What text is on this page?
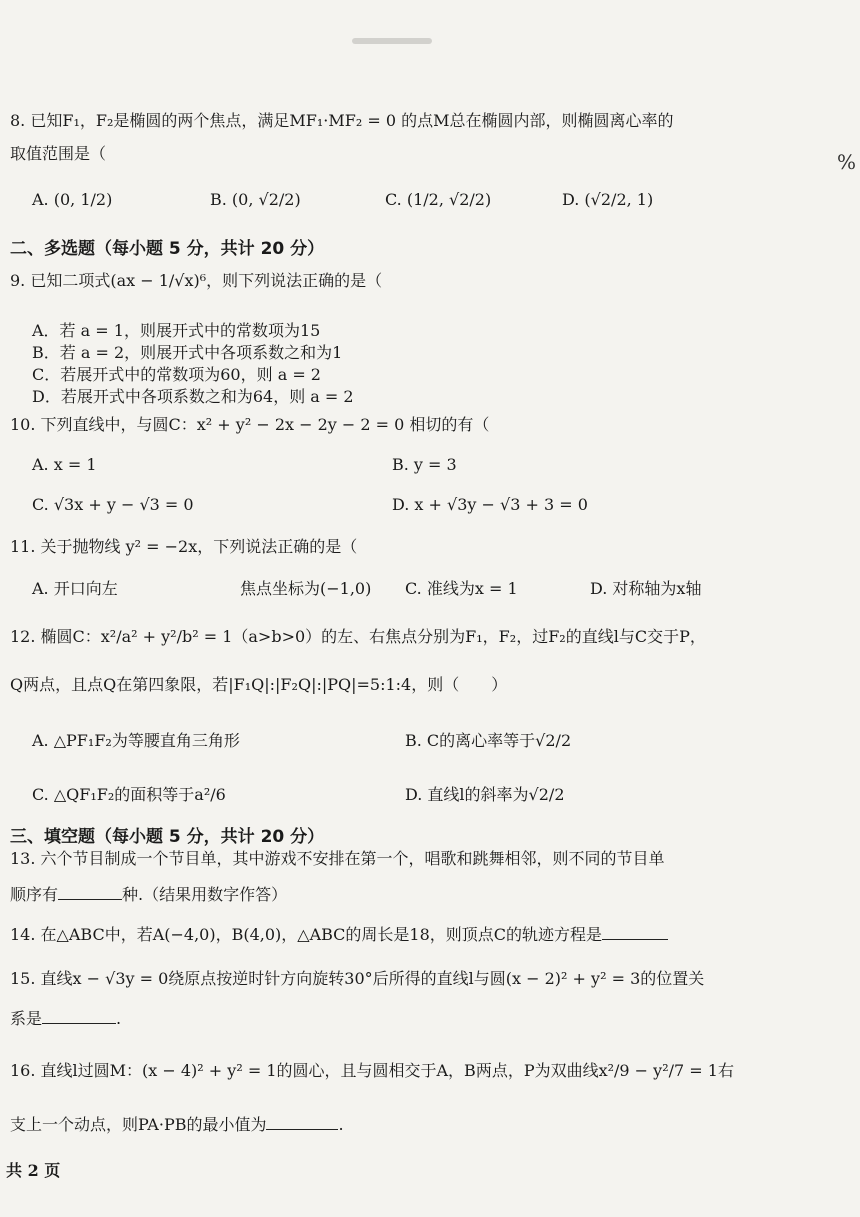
%
8. 已知F₁，F₂是椭圆的两个焦点，满足MF₁·MF₂ = 0 的点M总在椭圆内部，则椭圆离心率的
取值范围是（
A. (0, 1/2)	B. (0, √2/2)	C. (1/2, √2/2)	D. (√2/2, 1)
二、多选题（每小题 5 分，共计 20 分）
9. 已知二项式(ax − 1/√x)⁶，则下列说法正确的是（
A．若 a = 1，则展开式中的常数项为15
B．若 a = 2，则展开式中各项系数之和为1
C．若展开式中的常数项为60，则 a = 2
D．若展开式中各项系数之和为64，则 a = 2
10. 下列直线中，与圆C：x² + y² − 2x − 2y − 2 = 0 相切的有（
A. x = 1	B. y = 3
C. √3x + y − √3 = 0	D. x + √3y − √3 + 3 = 0
11. 关于抛物线 y² = −2x，下列说法正确的是（
A. 开口向左	焦点坐标为(−1,0) C. 准线为x = 1	D. 对称轴为x轴
12. 椭圆C：x²/a² + y²/b² = 1（a>b>0）的左、右焦点分别为F₁，F₂，过F₂的直线l与C交于P，
Q两点，且点Q在第四象限，若|F₁Q|:|F₂Q|:|PQ|=5:1:4，则（　　）
A. △PF₁F₂为等腰直角三角形	B. C的离心率等于√2/2
C. △QF₁F₂的面积等于a²/6	D. 直线l的斜率为√2/2
三、填空题（每小题 5 分，共计 20 分）
13. 六个节目制成一个节目单，其中游戏不安排在第一个，唱歌和跳舞相邻，则不同的节目单
顺序有	种.（结果用数字作答）
14. 在△ABC中，若A(−4,0)，B(4,0)，△ABC的周长是18，则顶点C的轨迹方程是
15. 直线x − √3y = 0绕原点按逆时针方向旋转30°后所得的直线l与圆(x − 2)² + y² = 3的位置关
系是	.
16. 直线l过圆M：(x − 4)² + y² = 1的圆心，且与圆相交于A，B两点，P为双曲线x²/9 − y²/7 = 1右
支上一个动点，则PA·PB的最小值为	.
共 2 页
